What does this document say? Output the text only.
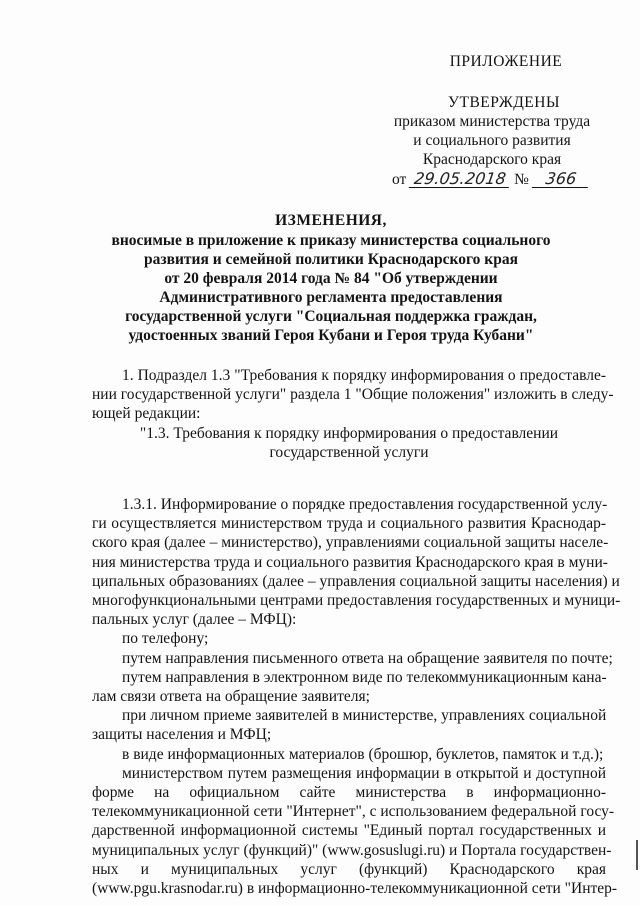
ПРИЛОЖЕНИЕ
УТВЕРЖДЕНЫ
приказом министерства труда
и социального развития
Краснодарского края
от 29.05.2018 № 366
ИЗМЕНЕНИЯ,
вносимые в приложение к приказу министерства социального
развития и семейной политики Краснодарского края
от 20 февраля 2014 года № 84 "Об утверждении
Административного регламента предоставления
государственной услуги "Социальная поддержка граждан,
удостоенных званий Героя Кубани и Героя труда Кубани"
1. Подраздел 1.3 "Требования к порядку информирования о предоставле-
нии государственной услуги" раздела 1 "Общие положения" изложить в следу-
ющей редакции:
"1.3. Требования к порядку информирования о предоставлении
государственной услуги
1.3.1. Информирование о порядке предоставления государственной услу-
ги осуществляется министерством труда и социального развития Краснодар-
ского края (далее – министерство), управлениями социальной защиты населе-
ния министерства труда и социального развития Краснодарского края в муни-
ципальных образованиях (далее – управления социальной защиты населения) и
многофункциональными центрами предоставления государственных и муници-
пальных услуг (далее – МФЦ):
по телефону;
путем направления письменного ответа на обращение заявителя по почте;
путем направления в электронном виде по телекоммуникационным кана-
лам связи ответа на обращение заявителя;
при личном приеме заявителей в министерстве, управлениях социальной
защиты населения и МФЦ;
в виде информационных материалов (брошюр, буклетов, памяток и т.д.);
министерством путем размещения информации в открытой и доступной
форме на официальном сайте министерства в информационно-
телекоммуникационной сети "Интернет", с использованием федеральной госу-
дарственной информационной системы "Единый портал государственных и
муниципальных услуг (функций)" (www.gosuslugi.ru) и Портала государствен-
ных и муниципальных услуг (функций) Краснодарского края
(www.pgu.krasnodar.ru) в информационно-телекоммуникационной сети "Интер-
